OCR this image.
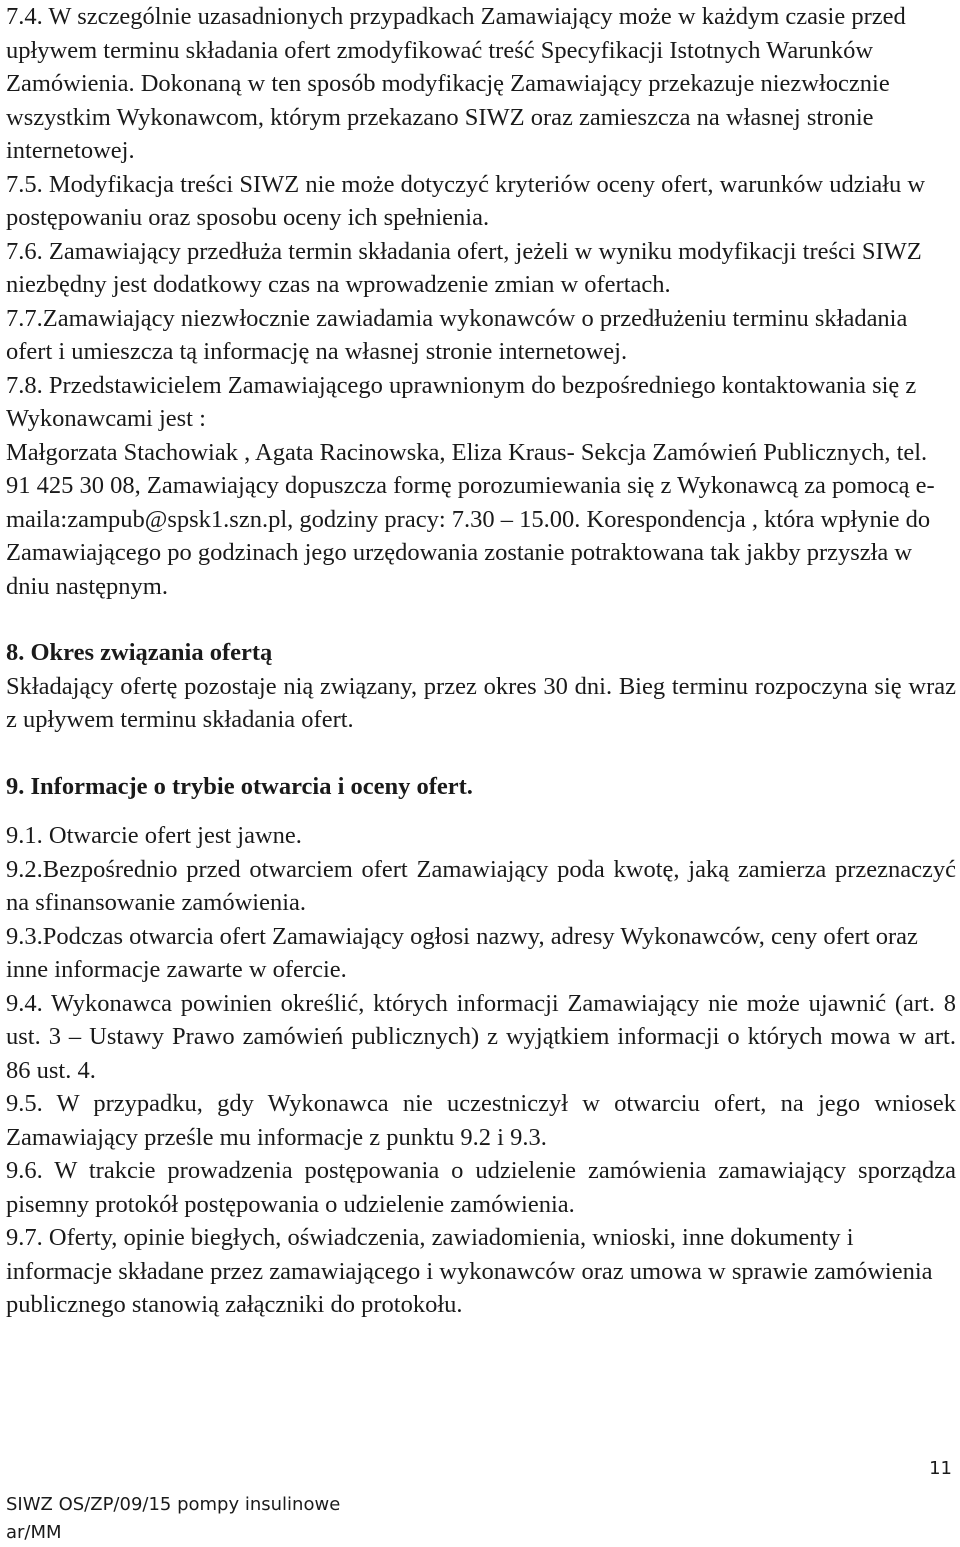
7.4. W szczególnie uzasadnionych przypadkach Zamawiający może w każdym czasie przed upływem terminu składania ofert zmodyfikować treść Specyfikacji Istotnych Warunków Zamówienia. Dokonaną w ten sposób modyfikację Zamawiający przekazuje niezwłocznie wszystkim Wykonawcom, którym przekazano SIWZ oraz zamieszcza na własnej stronie internetowej.

7.5. Modyfikacja treści SIWZ nie może dotyczyć kryteriów oceny ofert, warunków udziału w postępowaniu oraz sposobu oceny ich spełnienia.

7.6. Zamawiający przedłuża termin składania ofert, jeżeli w wyniku modyfikacji treści SIWZ niezbędny jest dodatkowy czas na wprowadzenie zmian w ofertach.

7.7.Zamawiający niezwłocznie zawiadamia wykonawców o przedłużeniu terminu składania ofert i umieszcza tą informację na własnej stronie internetowej.

7.8. Przedstawicielem Zamawiającego uprawnionym do bezpośredniego kontaktowania się z Wykonawcami jest :

Małgorzata Stachowiak , Agata Racinowska, Eliza Kraus- Sekcja Zamówień Publicznych, tel. 91 425 30 08, Zamawiający dopuszcza formę porozumiewania się z Wykonawcą za pomocą e-maila:zampub@spsk1.szn.pl, godziny pracy: 7.30 – 15.00. Korespondencja , która wpłynie do Zamawiającego po godzinach jego urzędowania zostanie potraktowana tak jakby przyszła w dniu następnym.

8. Okres związania ofertą

Składający ofertę pozostaje nią związany, przez okres 30 dni. Bieg terminu rozpoczyna się wraz z upływem terminu składania ofert.

9. Informacje o trybie otwarcia i oceny ofert.

9.1. Otwarcie ofert jest jawne.

9.2.Bezpośrednio przed otwarciem ofert Zamawiający poda kwotę, jaką zamierza przeznaczyć na sfinansowanie zamówienia.

9.3.Podczas otwarcia ofert Zamawiający ogłosi nazwy, adresy Wykonawców, ceny ofert oraz inne informacje zawarte w ofercie.

9.4. Wykonawca powinien określić, których informacji Zamawiający nie może ujawnić (art. 8 ust. 3 – Ustawy Prawo zamówień publicznych) z wyjątkiem informacji o których mowa w art. 86 ust. 4.

9.5. W przypadku, gdy Wykonawca nie uczestniczył w otwarciu ofert, na jego wniosek Zamawiający prześle mu informacje z punktu 9.2 i 9.3.

9.6. W trakcie prowadzenia postępowania o udzielenie zamówienia zamawiający sporządza pisemny protokół postępowania o udzielenie zamówienia.

9.7. Oferty, opinie biegłych, oświadczenia, zawiadomienia, wnioski, inne dokumenty i informacje składane przez zamawiającego i wykonawców oraz umowa w sprawie zamówienia publicznego stanowią załączniki do protokołu.

11
SIWZ OS/ZP/09/15 pompy insulinowe
ar/MM
